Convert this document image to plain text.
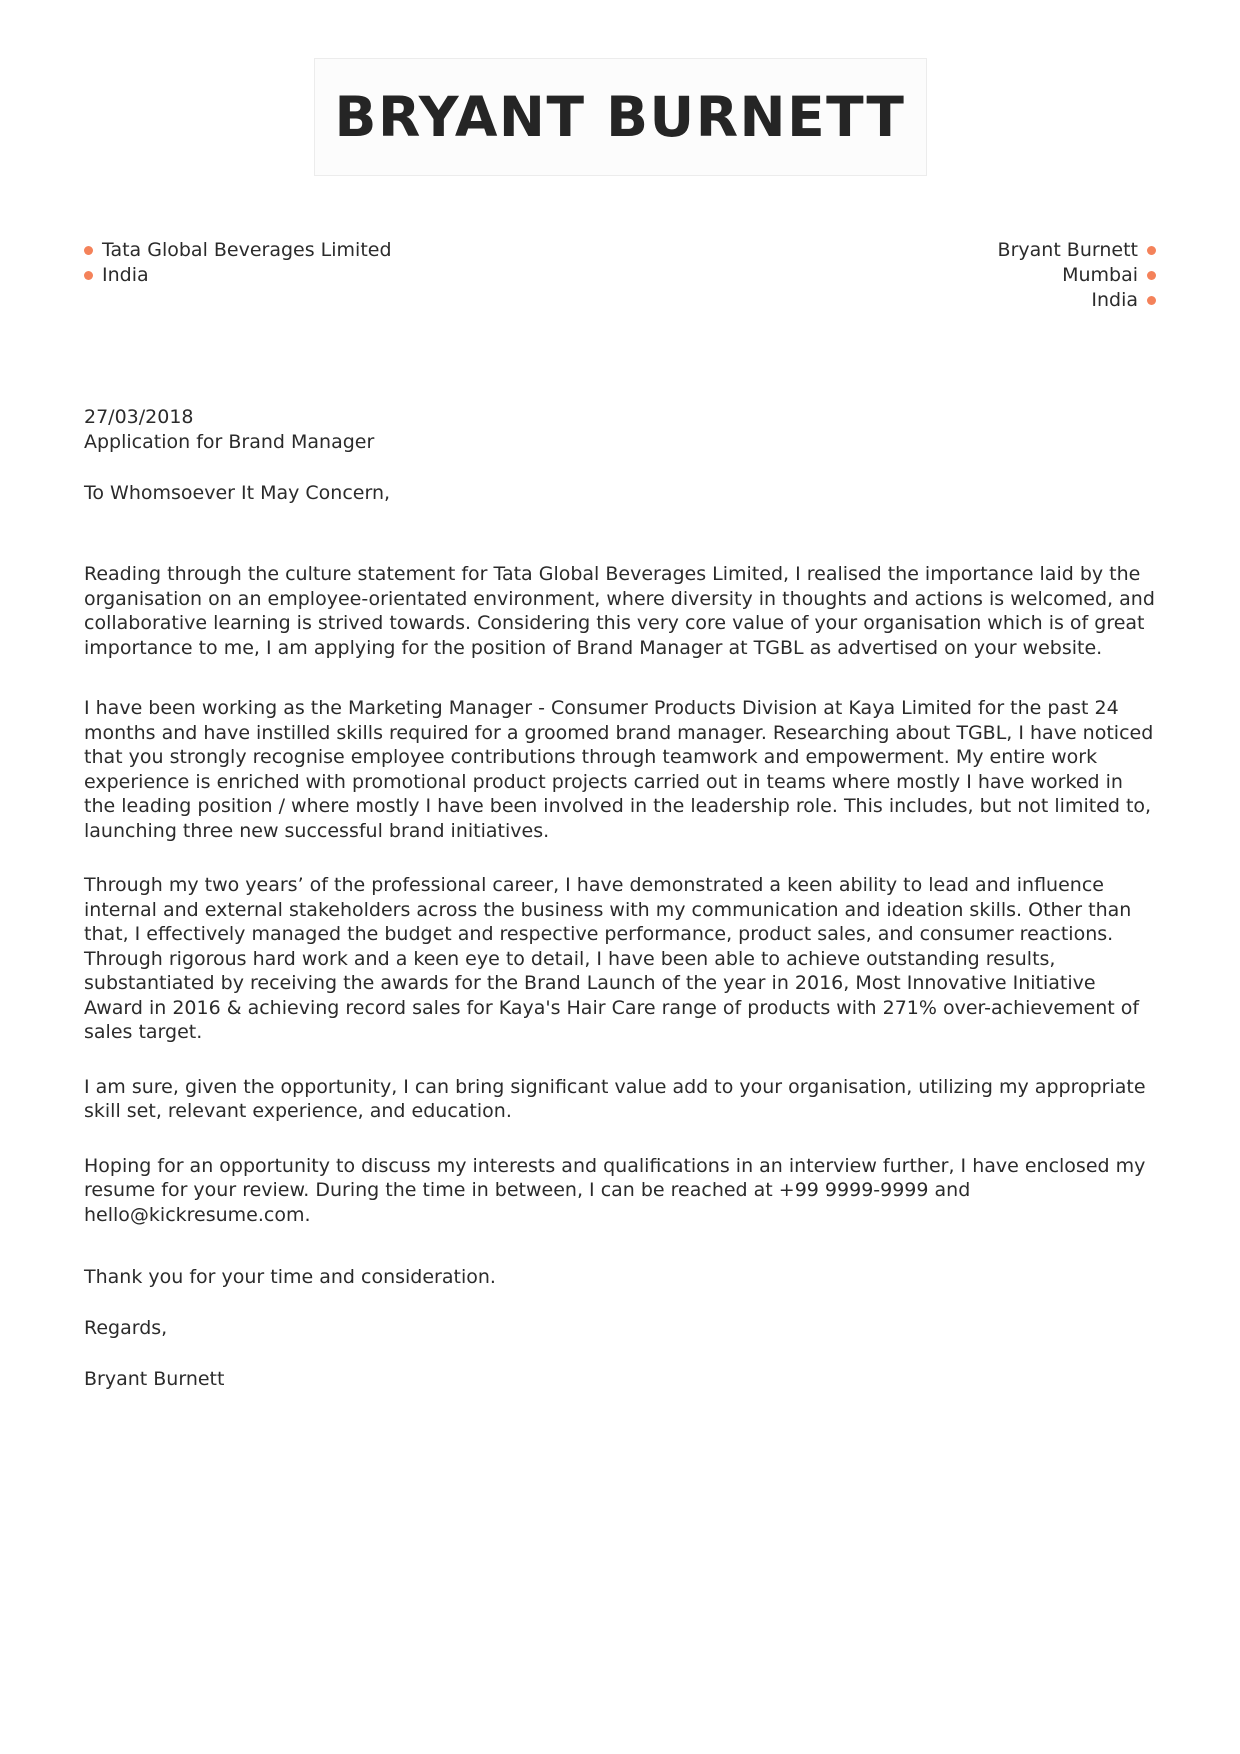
BRYANT BURNETT
Tata Global Beverages Limited
India
Bryant Burnett
Mumbai
India
27/03/2018
Application for Brand Manager
To Whomsoever It May Concern,
Reading through the culture statement for Tata Global Beverages Limited, I realised the importance laid by the organisation on an employee-orientated environment, where diversity in thoughts and actions is welcomed, and collaborative learning is strived towards. Considering this very core value of your organisation which is of great importance to me, I am applying for the position of Brand Manager at TGBL as advertised on your website.
I have been working as the Marketing Manager - Consumer Products Division at Kaya Limited for the past 24 months and have instilled skills required for a groomed brand manager. Researching about TGBL, I have noticed that you strongly recognise employee contributions through teamwork and empowerment. My entire work experience is enriched with promotional product projects carried out in teams where mostly I have worked in the leading position / where mostly I have been involved in the leadership role. This includes, but not limited to, launching three new successful brand initiatives.
Through my two years’ of the professional career, I have demonstrated a keen ability to lead and influence internal and external stakeholders across the business with my communication and ideation skills. Other than that, I effectively managed the budget and respective performance, product sales, and consumer reactions. Through rigorous hard work and a keen eye to detail, I have been able to achieve outstanding results, substantiated by receiving the awards for the Brand Launch of the year in 2016, Most Innovative Initiative Award in 2016 & achieving record sales for Kaya's Hair Care range of products with 271% over-achievement of sales target.
I am sure, given the opportunity, I can bring significant value add to your organisation, utilizing my appropriate skill set, relevant experience, and education.
Hoping for an opportunity to discuss my interests and qualifications in an interview further, I have enclosed my resume for your review. During the time in between, I can be reached at +99 9999-9999 and hello@kickresume.com.
Thank you for your time and consideration.
Regards,
Bryant Burnett
